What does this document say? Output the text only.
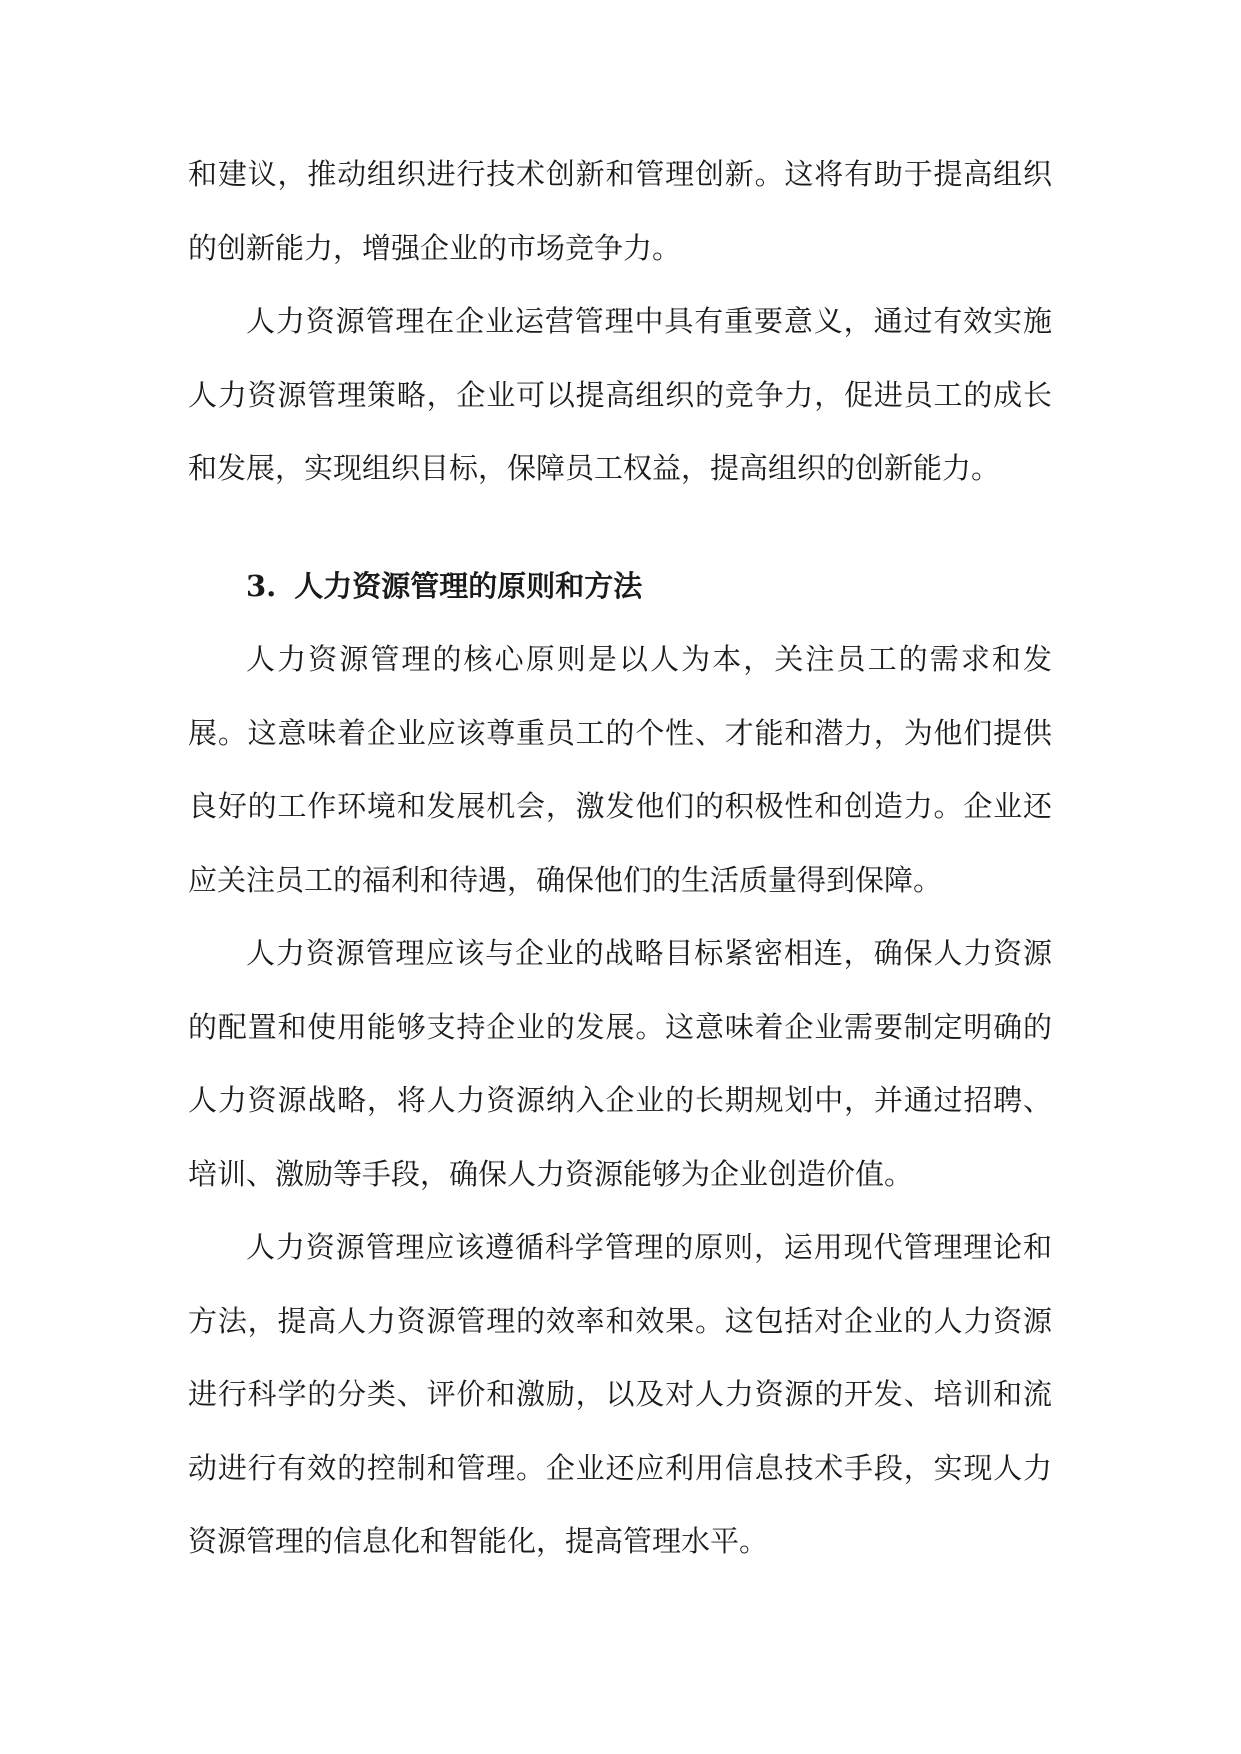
和建议，推动组织进行技术创新和管理创新。这将有助于提高组织的创新能力，增强企业的市场竞争力。

人力资源管理在企业运营管理中具有重要意义，通过有效实施人力资源管理策略，企业可以提高组织的竞争力，促进员工的成长和发展，实现组织目标，保障员工权益，提高组织的创新能力。

3. 人力资源管理的原则和方法

人力资源管理的核心原则是以人为本，关注员工的需求和发展。这意味着企业应该尊重员工的个性、才能和潜力，为他们提供良好的工作环境和发展机会，激发他们的积极性和创造力。企业还应关注员工的福利和待遇，确保他们的生活质量得到保障。

人力资源管理应该与企业的战略目标紧密相连，确保人力资源的配置和使用能够支持企业的发展。这意味着企业需要制定明确的人力资源战略，将人力资源纳入企业的长期规划中，并通过招聘、培训、激励等手段，确保人力资源能够为企业创造价值。

人力资源管理应该遵循科学管理的原则，运用现代管理理论和方法，提高人力资源管理的效率和效果。这包括对企业的人力资源进行科学的分类、评价和激励，以及对人力资源的开发、培训和流动进行有效的控制和管理。企业还应利用信息技术手段，实现人力资源管理的信息化和智能化，提高管理水平。
